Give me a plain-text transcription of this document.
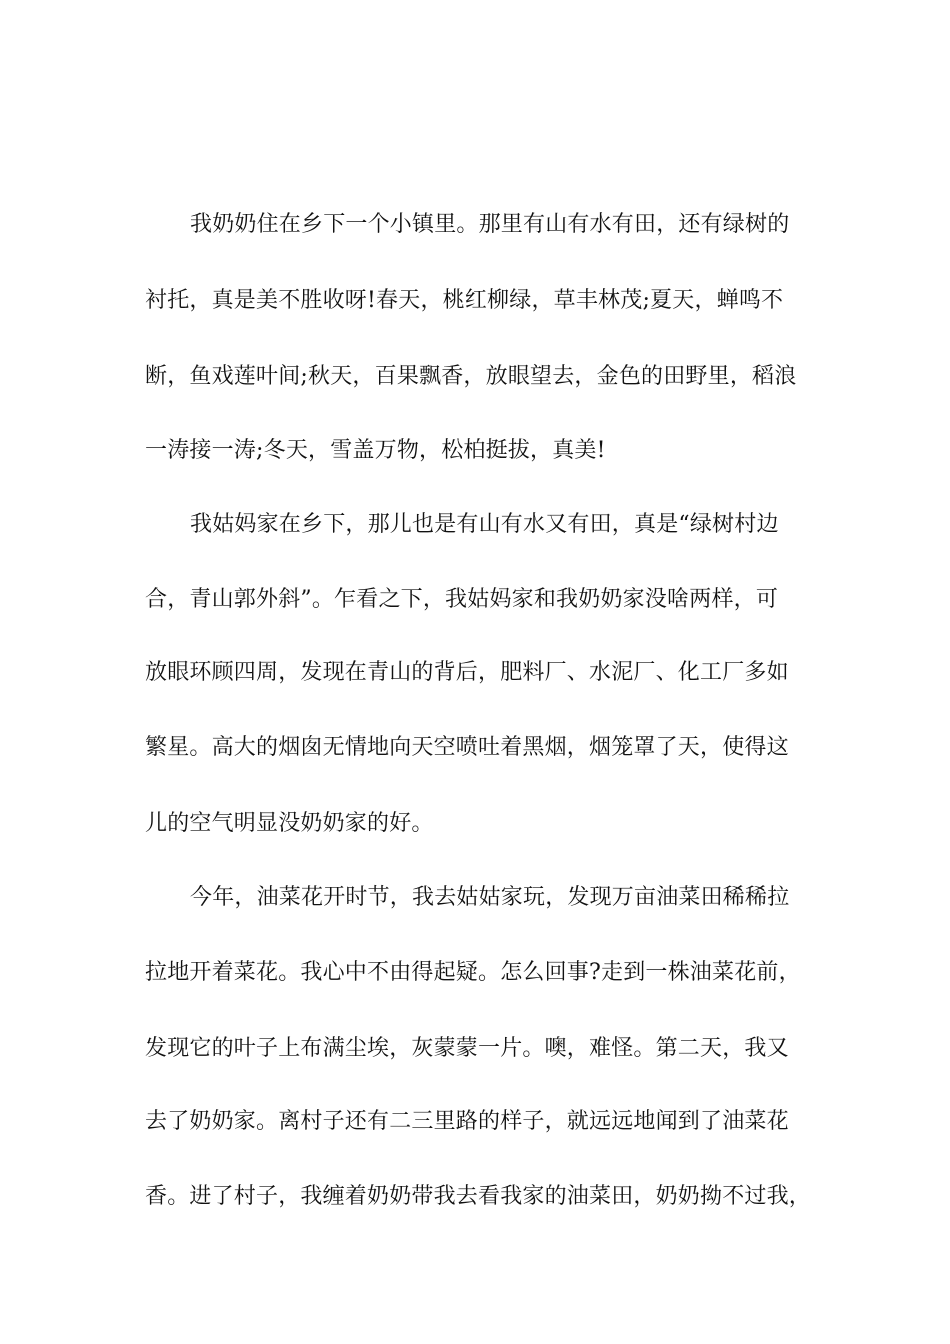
我奶奶住在乡下一个小镇里。那里有山有水有田，还有绿树的
衬托，真是美不胜收呀!春天，桃红柳绿，草丰林茂;夏天，蝉鸣不
断，鱼戏莲叶间;秋天，百果飘香，放眼望去，金色的田野里，稻浪
一涛接一涛;冬天，雪盖万物，松柏挺拔，真美!
我姑妈家在乡下，那儿也是有山有水又有田，真是“绿树村边
合，青山郭外斜”。乍看之下，我姑妈家和我奶奶家没啥两样，可
放眼环顾四周，发现在青山的背后，肥料厂、水泥厂、化工厂多如
繁星。高大的烟囱无情地向天空喷吐着黑烟，烟笼罩了天，使得这
儿的空气明显没奶奶家的好。
今年，油菜花开时节，我去姑姑家玩，发现万亩油菜田稀稀拉
拉地开着菜花。我心中不由得起疑。怎么回事?走到一株油菜花前，
发现它的叶子上布满尘埃，灰蒙蒙一片。噢，难怪。第二天，我又
去了奶奶家。离村子还有二三里路的样子，就远远地闻到了油菜花
香。进了村子，我缠着奶奶带我去看我家的油菜田，奶奶拗不过我，
